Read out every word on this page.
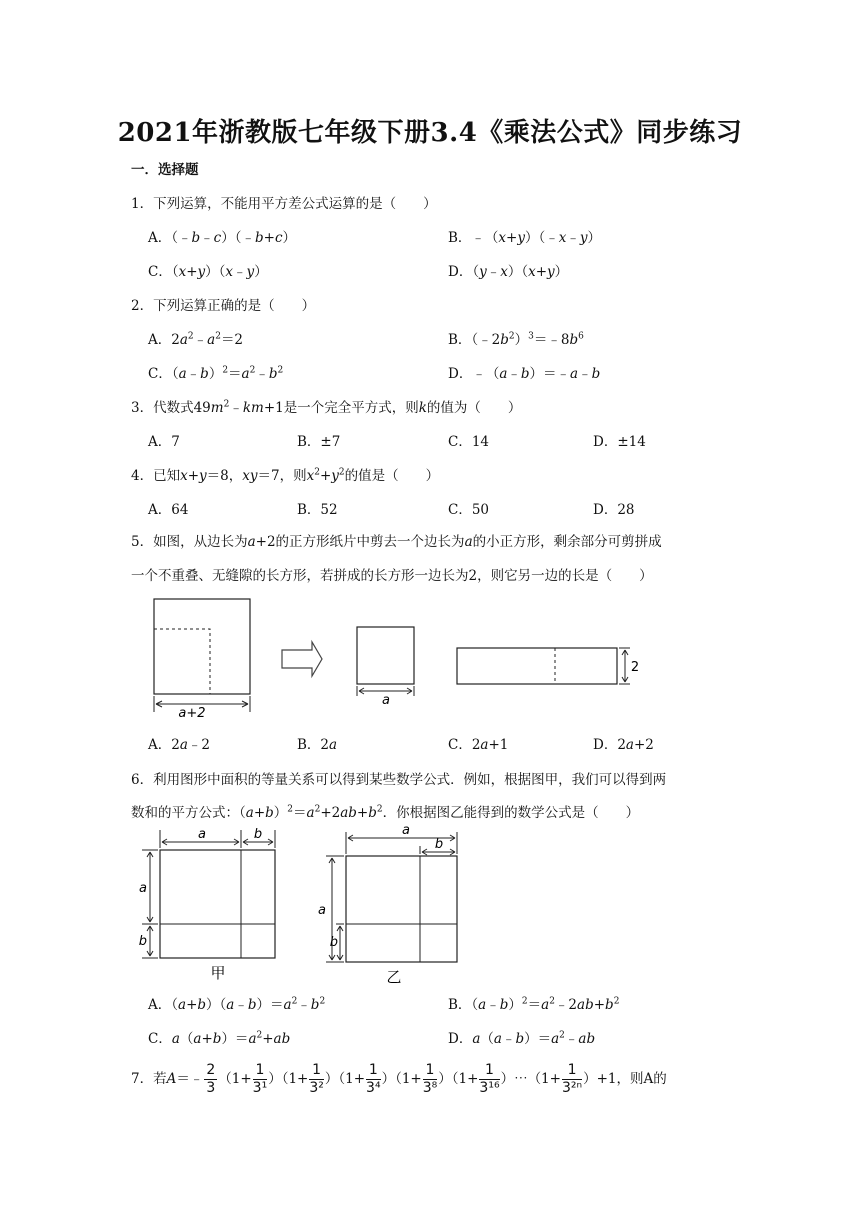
2021年浙教版七年级下册3.4《乘法公式》同步练习
一．选择题
1．下列运算，不能用平方差公式运算的是（　　）
A．（﹣b﹣c）（﹣b+c）	B．﹣（x+y）（﹣x﹣y）
C．（x+y）（x﹣y）	D．（y﹣x）（x+y）
2．下列运算正确的是（　　）
A．$2a^2﹣a^2=2$	B．$(﹣2b^2)^3=﹣8b^6$
C．$(a﹣b)^2=a^2﹣b^2$	D．﹣（a﹣b）＝﹣a﹣b
3．代数式$49m^2﹣km+1$是一个完全平方式，则k的值为（　　）
A．7	B．±7	C．14	D．±14
4．已知x+y＝8，xy＝7，则$x^2+y^2$的值是（　　）
A．64	B．52	C．50	D．28
5．如图，从边长为a+2的正方形纸片中剪去一个边长为a的小正方形，剩余部分可剪拼成
一个不重叠、无缝隙的长方形，若拼成的长方形一边长为2，则它另一边的长是（　　）
a+2
a
2
A．2a﹣2	B．2a	C．2a+1	D．2a+2
6．利用图形中面积的等量关系可以得到某些数学公式．例如，根据图甲，我们可以得到两
数和的平方公式：$(a+b)^2=a^2+2ab+b^2$．你根据图乙能得到的数学公式是（　　）
a	b
a
b
甲
a
b
a
b
乙
A．$(a+b)(a﹣b)=a^2﹣b^2$	B．$(a﹣b)^2=a^2﹣2ab+b^2$
C．$a(a+b)=a^2+ab$	D．$a(a﹣b)=a^2﹣ab$
7．若A＝﹣ $\frac{2}{3} (1+ \frac{1}{\text{3¹}} )(1+ \frac{1}{\text{3²}} )(1+ \frac{1}{\text{3⁴}} )(1+ \frac{1}{\text{3⁸}} )(1+ \frac{1}{\text{3¹⁶}}$ ）⋯（1+ $\frac{1}{\text{3²ⁿ}} )+1$，则A的
